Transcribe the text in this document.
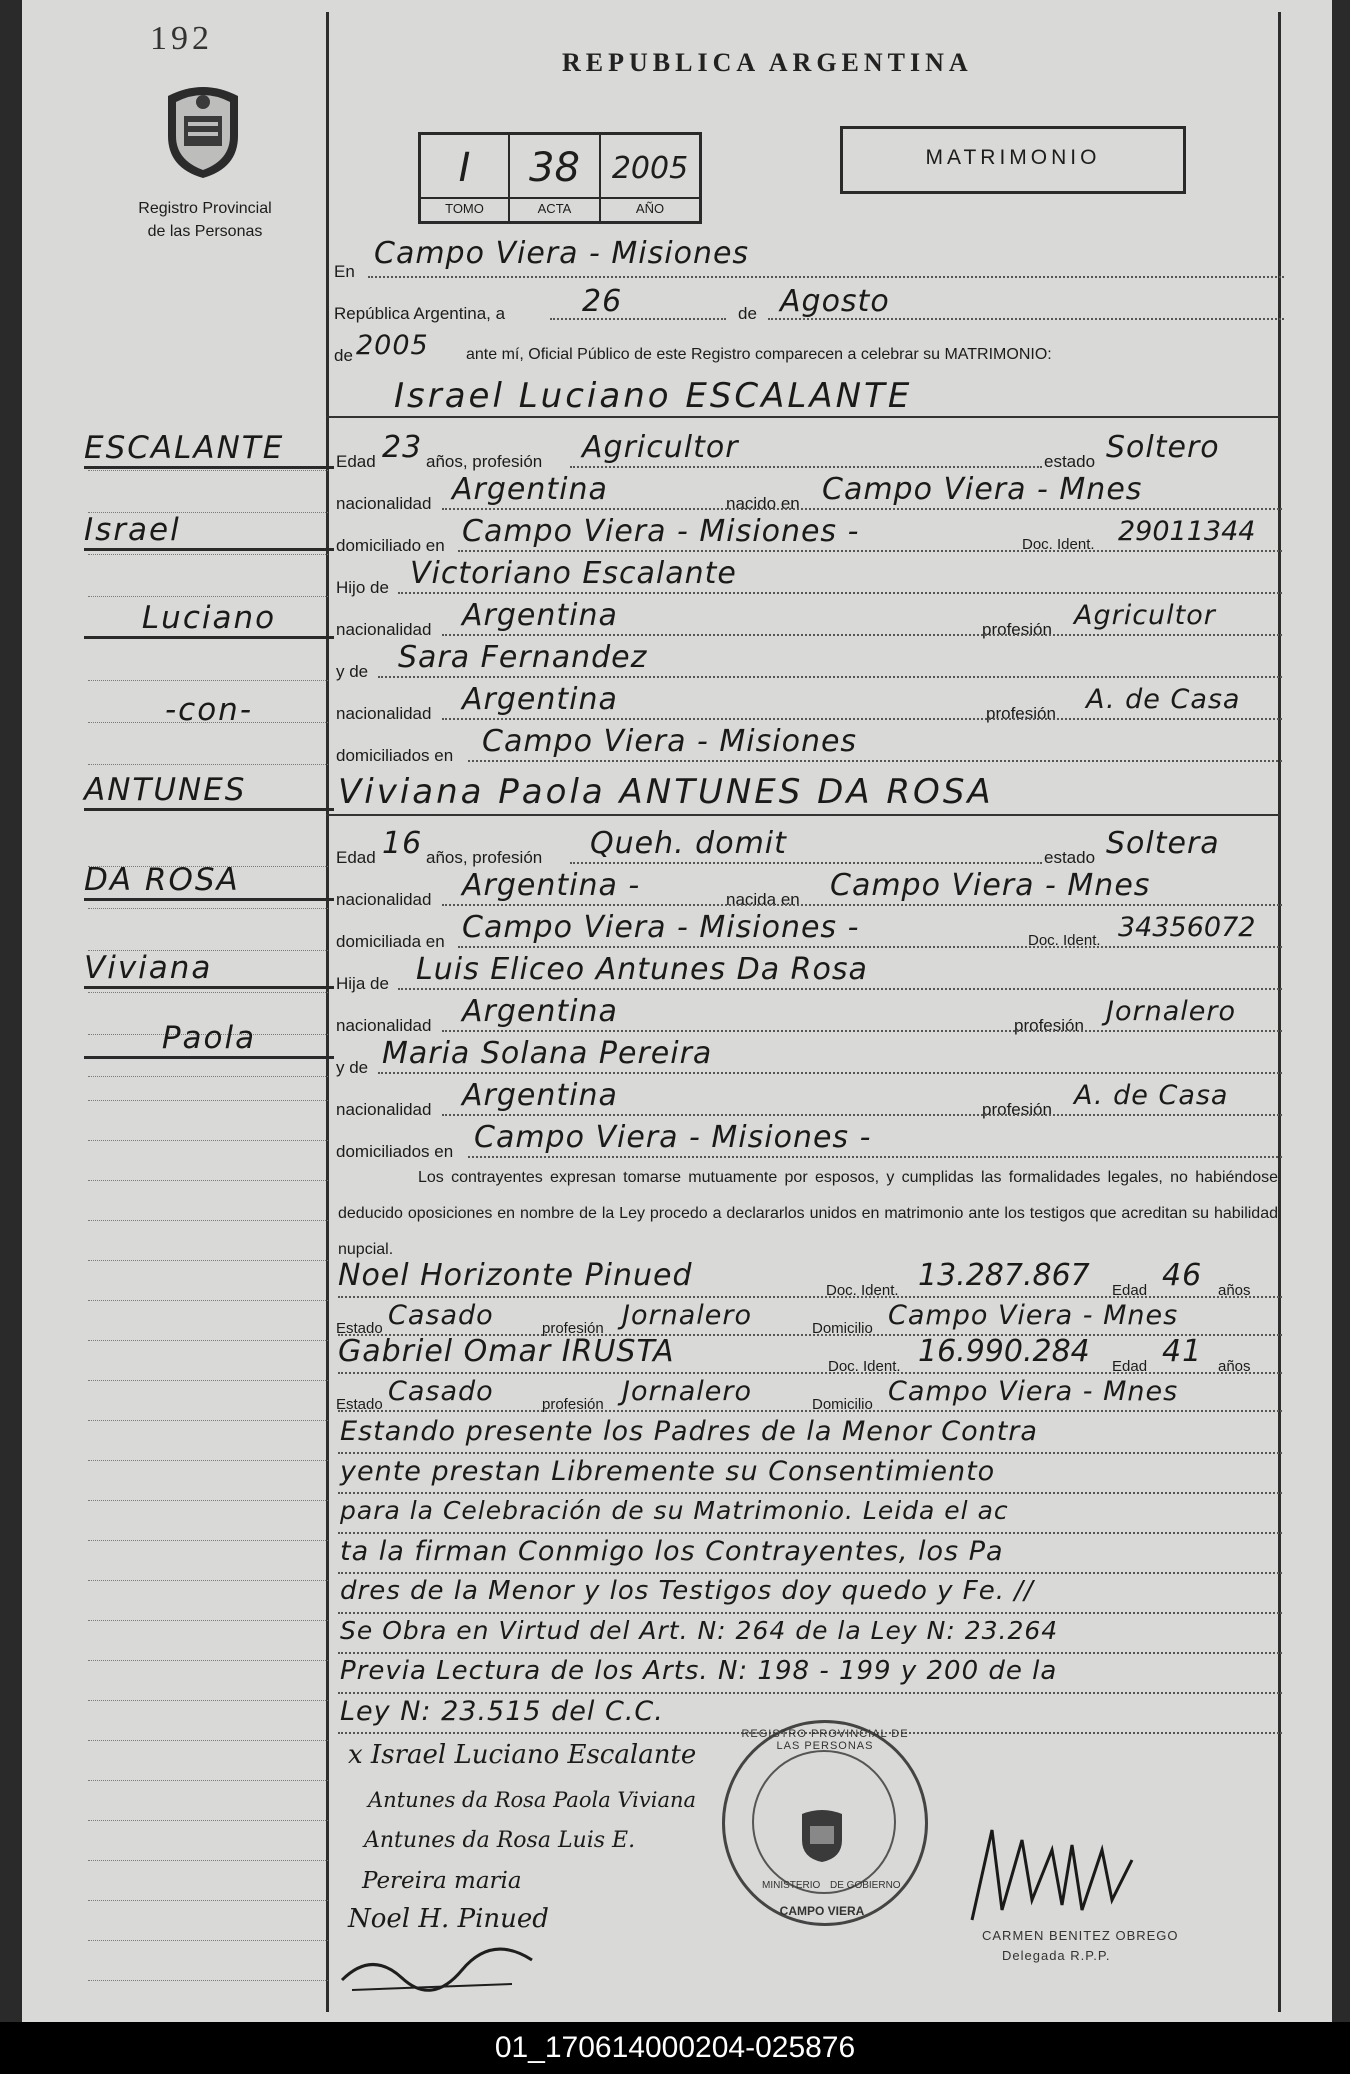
192
Registro Provincial
de las Personas
REPUBLICA ARGENTINA
I	38	2005
TOMO	ACTA	AÑO
MATRIMONIO
En
Campo Viera - Misiones
República Argentina, a	26	de Agosto
de 2005 ante mí, Oficial Público de este Registro comparecen a celebrar su MATRIMONIO:
Israel Luciano ESCALANTE
Edad 23 años, profesión Agricultor	estado Soltero
nacionalidad Argentina	nacido en Campo Viera - Mnes
domiciliado en Campo Viera - Misiones -	Doc. Ident. 29011344
Hijo de Victoriano Escalante
nacionalidad Argentina	profesión Agricultor
y de Sara Fernandez
nacionalidad Argentina	profesión A. de Casa
domiciliados en Campo Viera - Misiones
Viviana Paola ANTUNES DA ROSA
Edad 16 años, profesión Queh. domit	estado Soltera
nacionalidad Argentina -	nacida en Campo Viera - Mnes
domiciliada en Campo Viera - Misiones -	Doc. Ident. 34356072
Hija de Luis Eliceo Antunes Da Rosa
nacionalidad Argentina	profesión Jornalero
y de Maria Solana Pereira
nacionalidad Argentina	profesión A. de Casa
domiciliados en Campo Viera - Misiones -
Los contrayentes expresan tomarse mutuamente por esposos, y cumplidas las formalidades legales, no habiéndose deducido oposiciones en nombre de la Ley procedo a declararlos unidos en matrimonio ante los testigos que acreditan su habilidad nupcial.
Noel Horizonte Pinued	Doc. Ident. 13.287.867 Edad 46 años
Estado Casado	profesión Jornalero	Domicilio Campo Viera - Mnes
Gabriel Omar IRUSTA	Doc. Ident. 16.990.284 Edad 41 años
Estado Casado	profesión Jornalero	Domicilio Campo Viera - Mnes
Estando presente los Padres de la Menor Contra
yente prestan Libremente su Consentimiento
para la Celebración de su Matrimonio. Leida el ac
ta la firman Conmigo los Contrayentes, los Pa
dres de la Menor y los Testigos doy quedo y Fe. //
Se Obra en Virtud del Art. N: 264 de la Ley N: 23.264
Previa Lectura de los Arts. N: 198 - 199 y 200 de la
Ley N: 23.515 del C.C.
ESCALANTE
Israel
Luciano
-con-
ANTUNES
DA ROSA
Viviana
Paola
x Israel Luciano Escalante
Antunes da Rosa Paola Viviana
Antunes da Rosa Luis E.
Pereira maria
Noel H. Pinued
REGISTRO PROVINCIAL DE LAS PERSONAS
MINISTERIO DE GOBIERNO
CAMPO VIERA
CARMEN BENITEZ OBREGO
Delegada R.P.P.
01_170614000204-025876
